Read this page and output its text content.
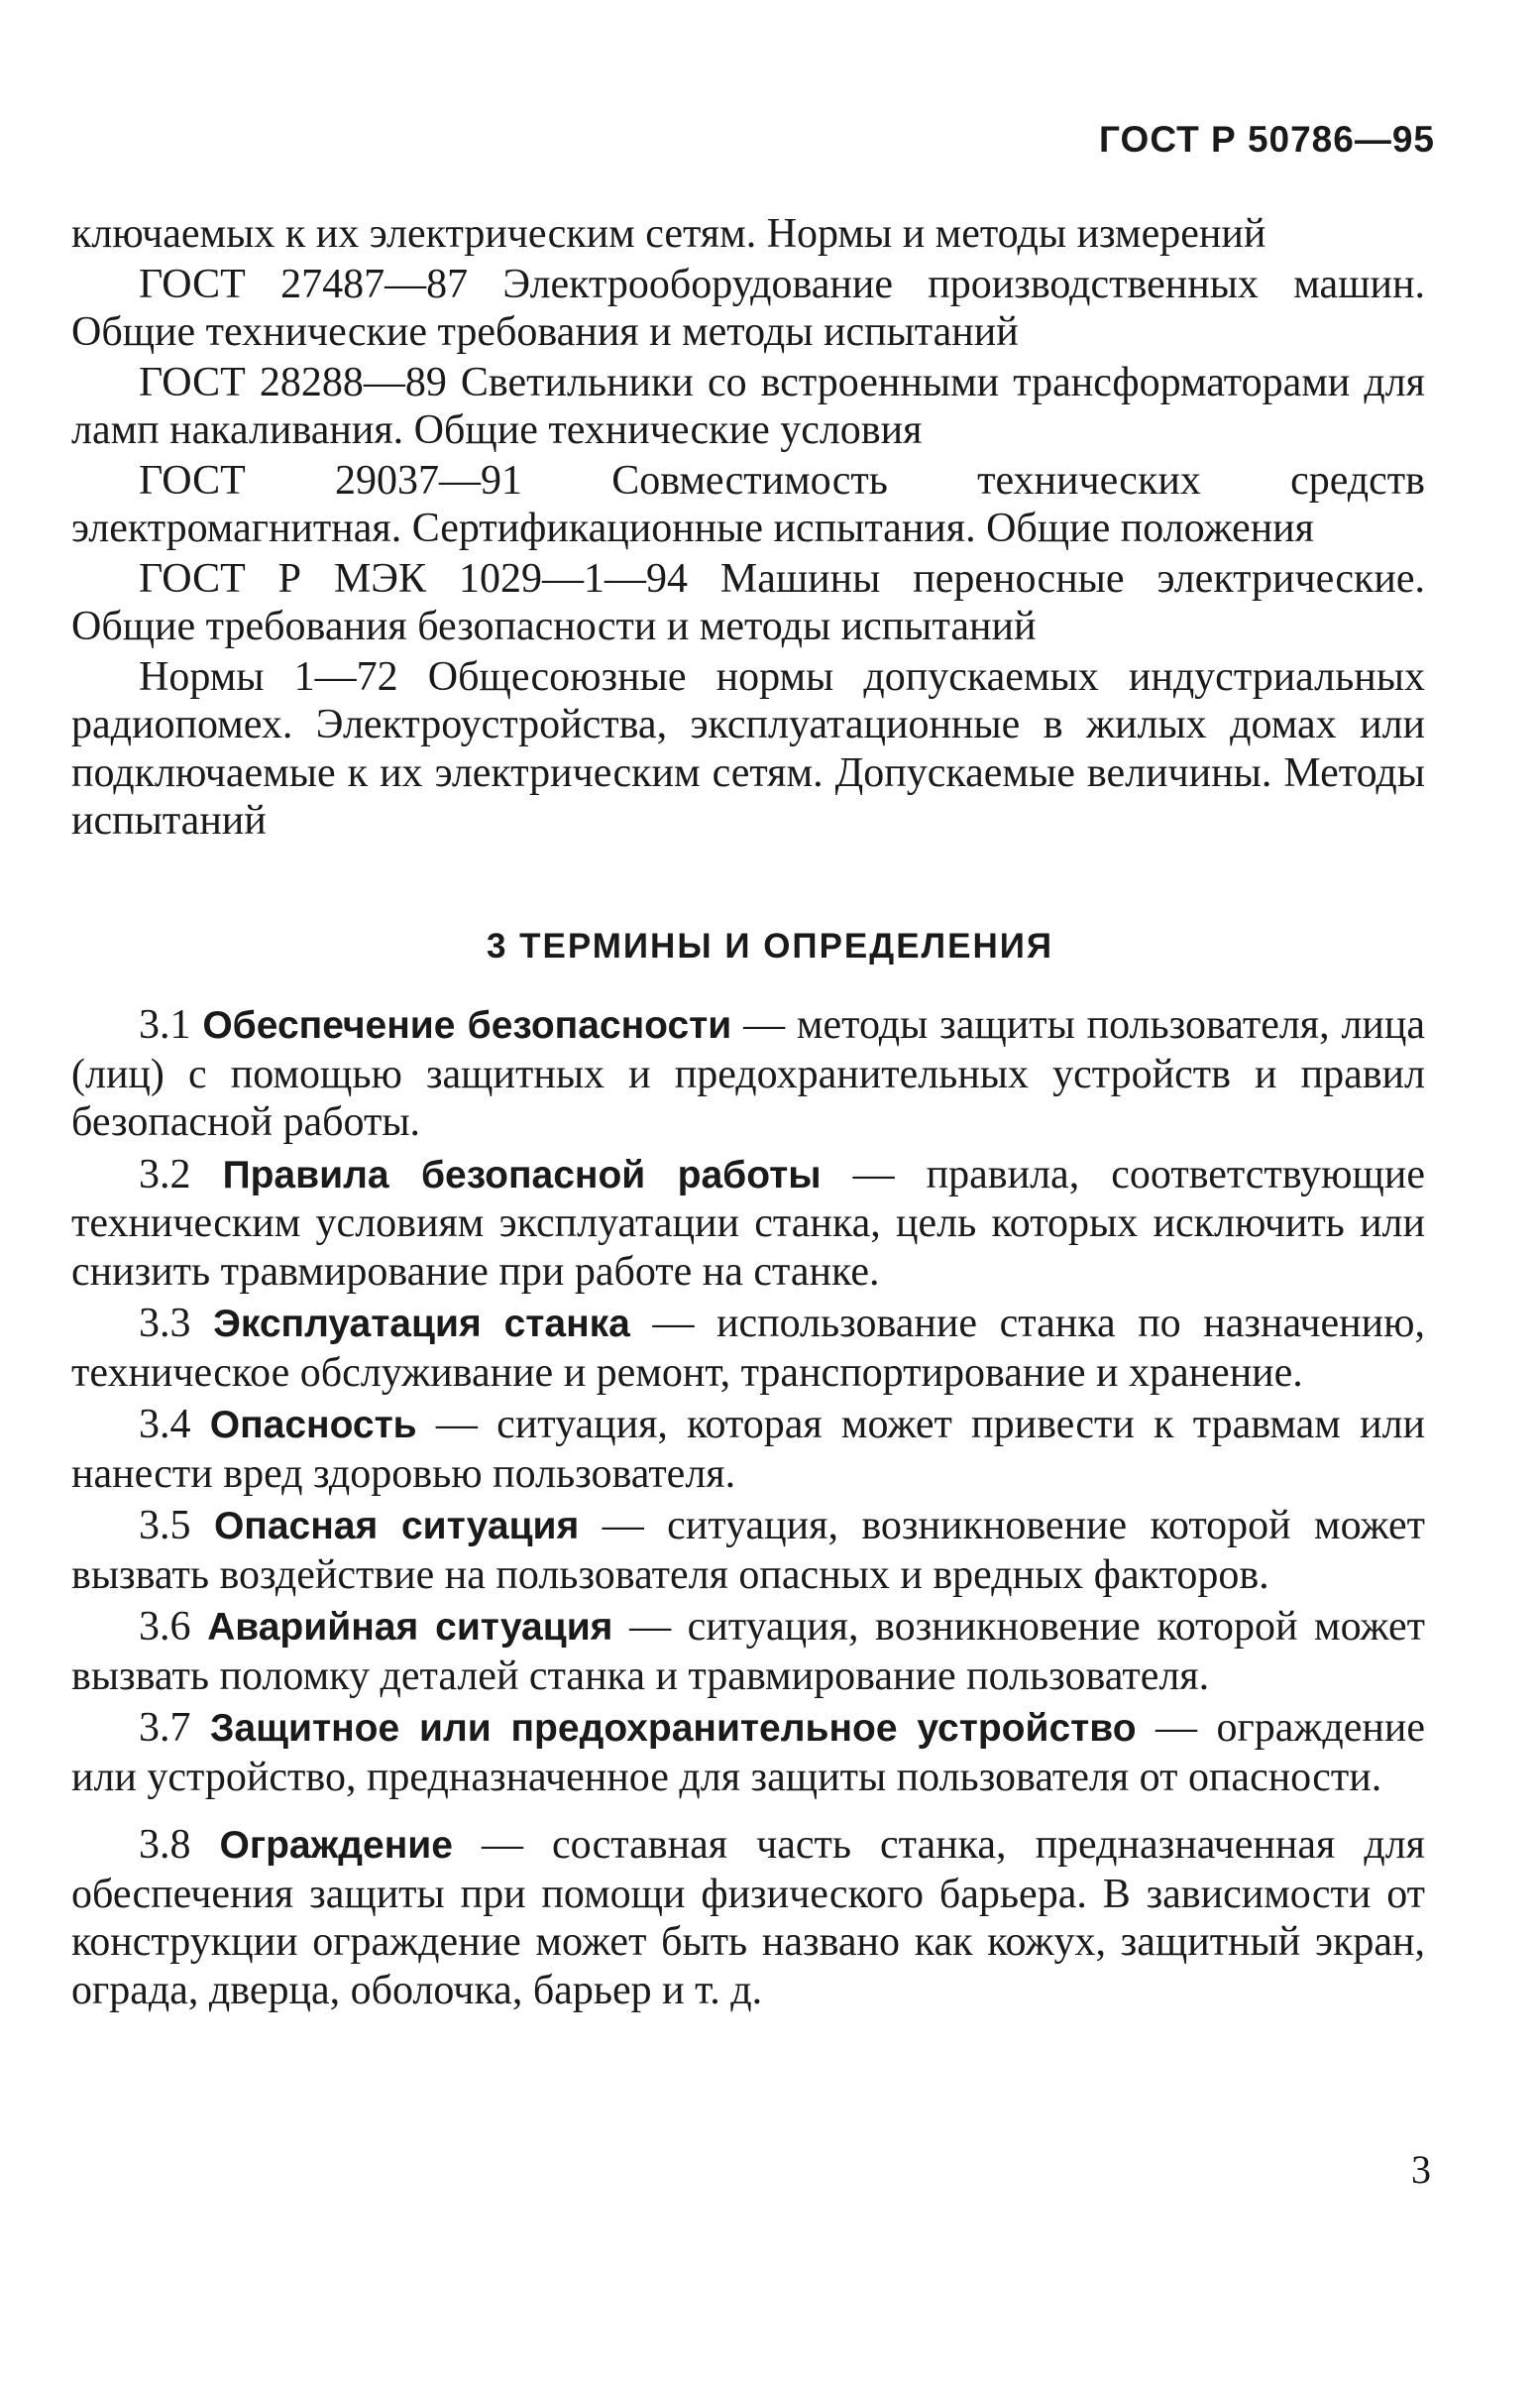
ГОСТ Р 50786—95

ключаемых к их электрическим сетям. Нормы и методы измерений

ГОСТ 27487—87 Электрооборудование производственных машин. Общие технические требования и методы испытаний

ГОСТ 28288—89 Светильники со встроенными трансформаторами для ламп накаливания. Общие технические условия

ГОСТ 29037—91 Совместимость технических средств электромагнитная. Сертификационные испытания. Общие положения

ГОСТ Р МЭК 1029—1—94 Машины переносные электрические. Общие требования безопасности и методы испытаний

Нормы 1—72 Общесоюзные нормы допускаемых индустриальных радиопомех. Электроустройства, эксплуатационные в жилых домах или подключаемые к их электрическим сетям. Допускаемые величины. Методы испытаний

3 ТЕРМИНЫ И ОПРЕДЕЛЕНИЯ

3.1 Обеспечение безопасности — методы защиты пользователя, лица (лиц) с помощью защитных и предохранительных устройств и правил безопасной работы.

3.2 Правила безопасной работы — правила, соответствующие техническим условиям эксплуатации станка, цель которых исключить или снизить травмирование при работе на станке.

3.3 Эксплуатация станка — использование станка по назначению, техническое обслуживание и ремонт, транспортирование и хранение.

3.4 Опасность — ситуация, которая может привести к травмам или нанести вред здоровью пользователя.

3.5 Опасная ситуация — ситуация, возникновение которой может вызвать воздействие на пользователя опасных и вредных факторов.

3.6 Аварийная ситуация — ситуация, возникновение которой может вызвать поломку деталей станка и травмирование пользователя.

3.7 Защитное или предохранительное устройство — ограждение или устройство, предназначенное для защиты пользователя от опасности.

3.8 Ограждение — составная часть станка, предназначенная для обеспечения защиты при помощи физического барьера. В зависимости от конструкции ограждение может быть названо как кожух, защитный экран, ограда, дверца, оболочка, барьер и т. д.

3
